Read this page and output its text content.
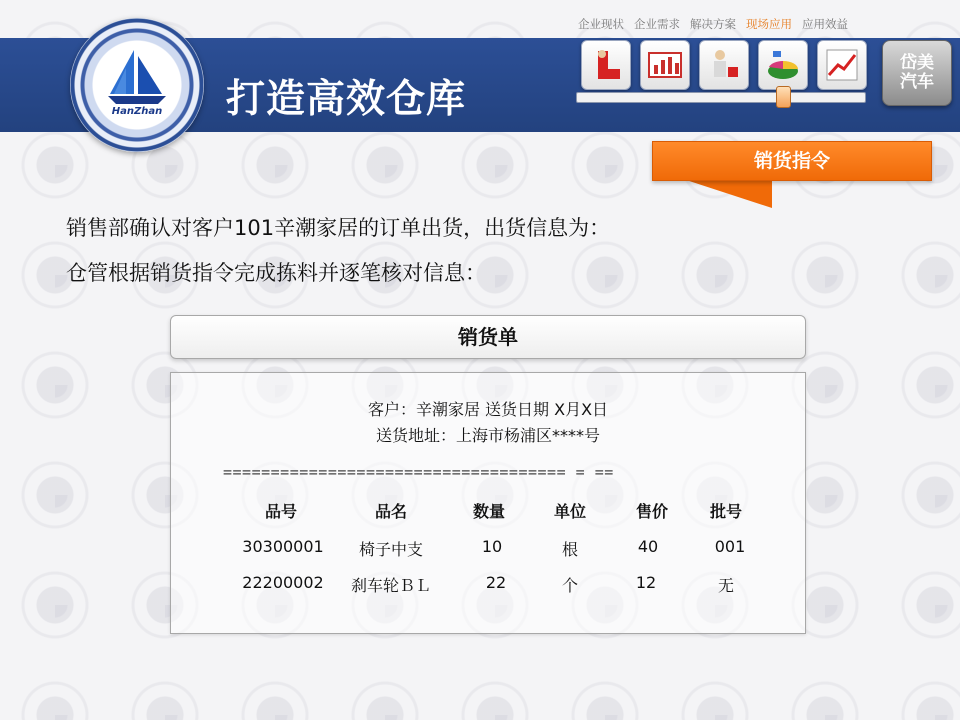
企业现状 企业需求 解决方案 现场应用 应用效益
HanZhan	打造高效仓库
岱美
汽车
销货指令
销售部确认对客户101辛潮家居的订单出货，出货信息为：
仓管根据销货指令完成拣料并逐笔核对信息：
销货单
客户：辛潮家居 送货日期 X月X日
送货地址：上海市杨浦区****号
==================================== = ==
品号	品名	数量	单位	售价	批号
30300001	椅子中支	10	根	40	001
22200002	刹车轮ＢＬ	22	个	12	无
